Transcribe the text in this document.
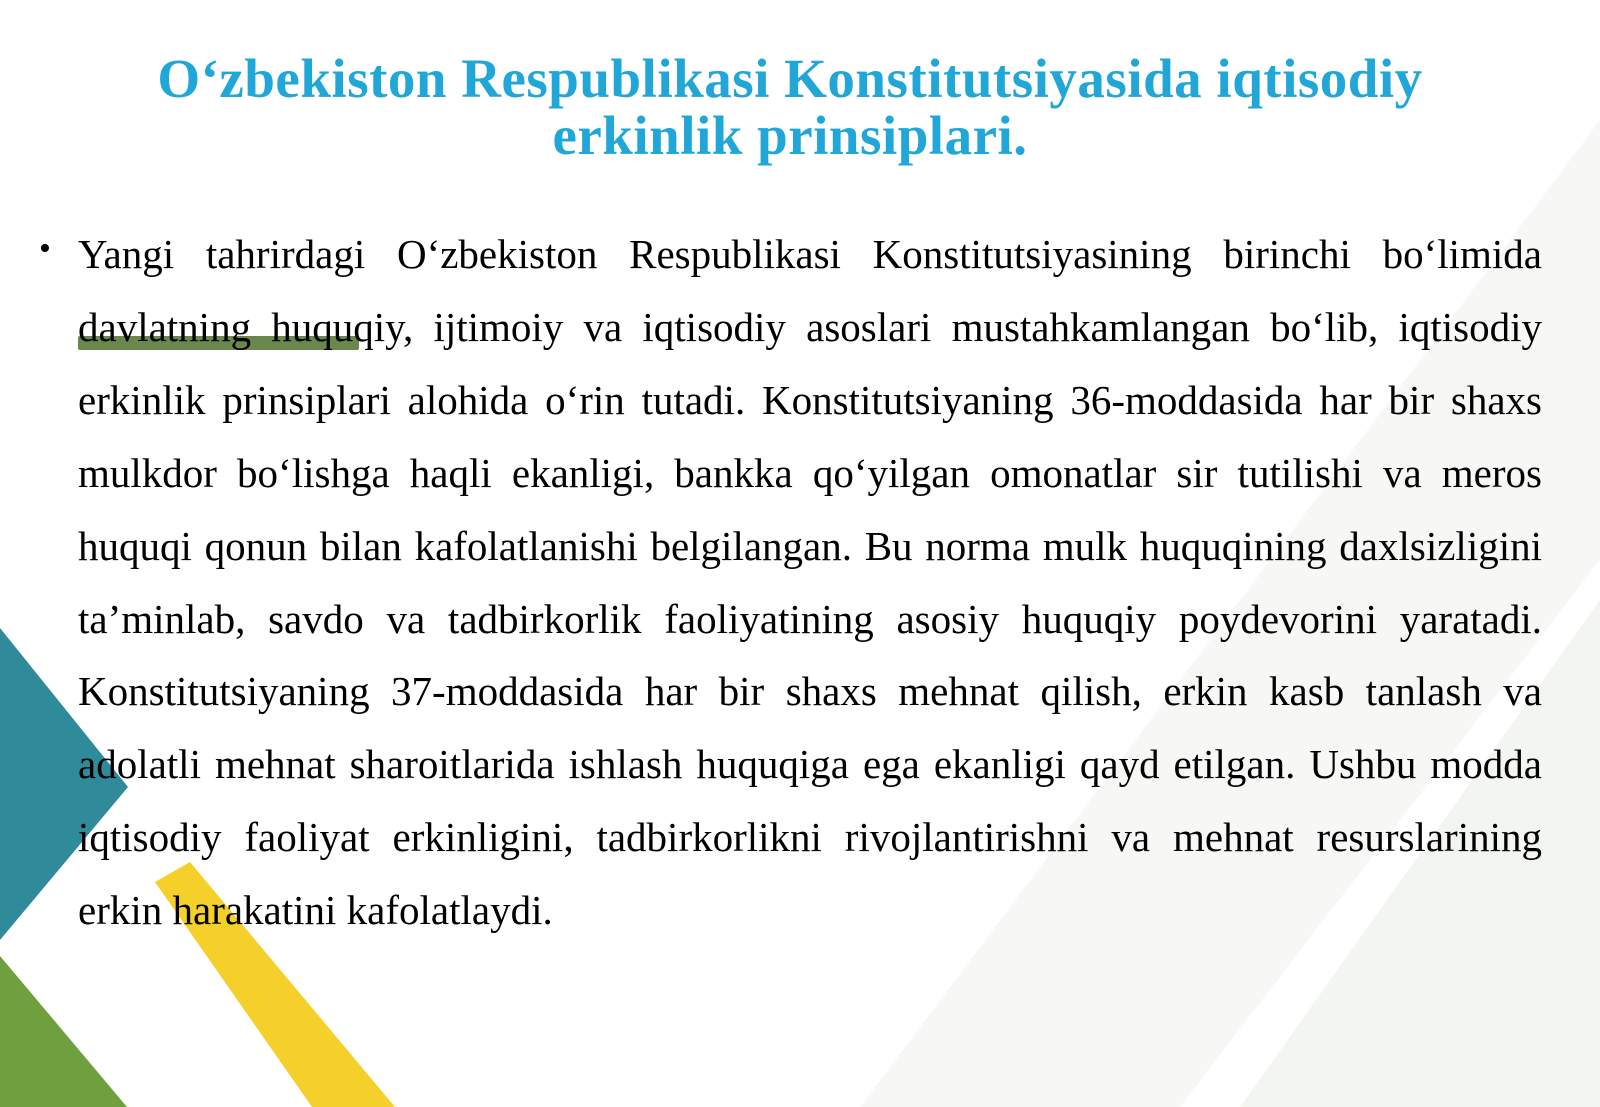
O‘zbekiston Respublikasi Konstitutsiyasida iqtisodiy erkinlik prinsiplari.
• Yangi tahrirdagi O‘zbekiston Respublikasi Konstitutsiyasining birinchi bo‘limida davlatning huquqiy, ijtimoiy va iqtisodiy asoslari mustahkamlangan bo‘lib, iqtisodiy erkinlik prinsiplari alohida o‘rin tutadi. Konstitutsiyaning 36-moddasida har bir shaxs mulkdor bo‘lishga haqli ekanligi, bankka qo‘yilgan omonatlar sir tutilishi va meros huquqi qonun bilan kafolatlanishi belgilangan. Bu norma mulk huquqining daxlsizligini ta’minlab, savdo va tadbirkorlik faoliyatining asosiy huquqiy poydevorini yaratadi. Konstitutsiyaning 37-moddasida har bir shaxs mehnat qilish, erkin kasb tanlash va adolatli mehnat sharoitlarida ishlash huquqiga ega ekanligi qayd etilgan. Ushbu modda iqtisodiy faoliyat erkinligini, tadbirkorlikni rivojlantirishni va mehnat resurslarining erkin harakatini kafolatlaydi.
